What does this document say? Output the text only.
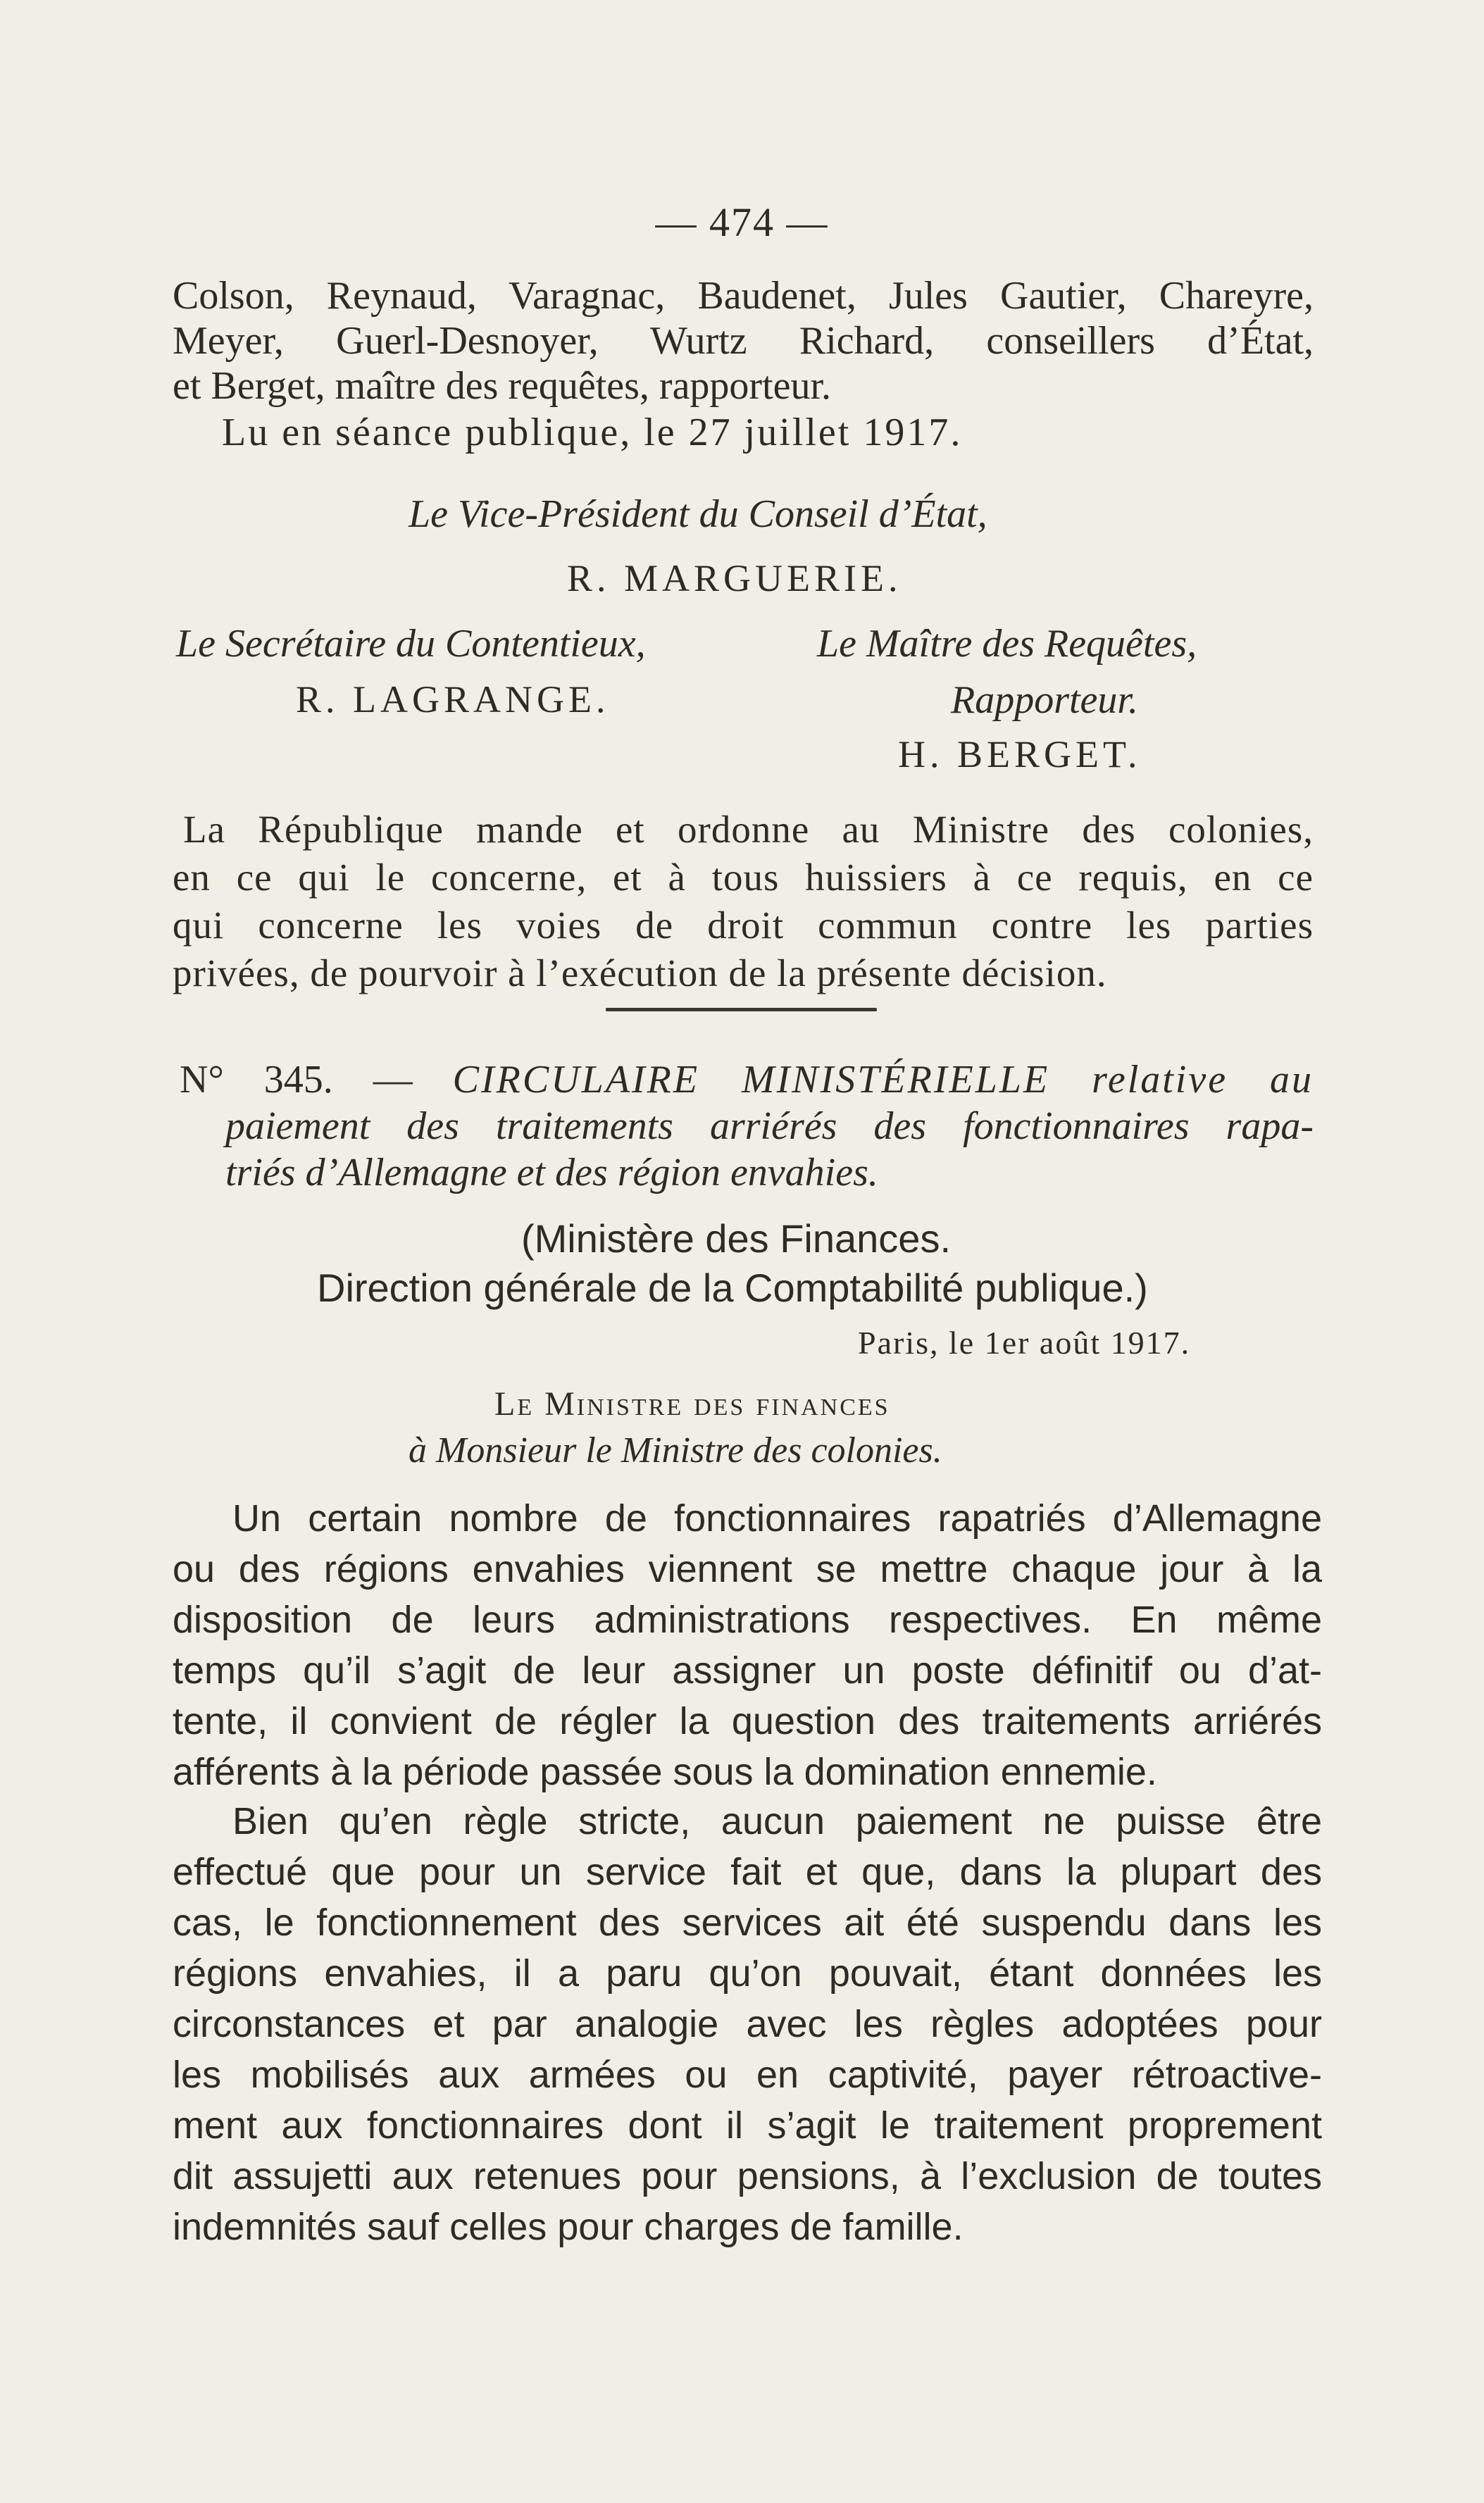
— 474 —
Colson, Reynaud, Varagnac, Baudenet, Jules Gautier, Chareyre,
Meyer, Guerl-Desnoyer, Wurtz Richard, conseillers d’État,
et Berget, maître des requêtes, rapporteur.
Lu en séance publique, le 27 juillet 1917.
Le Vice-Président du Conseil d’État,
R. MARGUERIE.
Le Secrétaire du Contentieux,
R. LAGRANGE.
Le Maître des Requêtes,
Rapporteur.
H. BERGET.
La République mande et ordonne au Ministre des colonies,
en ce qui le concerne, et à tous huissiers à ce requis, en ce
qui concerne les voies de droit commun contre les parties
privées, de pourvoir à l’exécution de la présente décision.
N° 345. — CIRCULAIRE MINISTÉRIELLE relative au
paiement des traitements arriérés des fonctionnaires rapa-
triés d’Allemagne et des région envahies.
(Ministère des Finances.
Direction générale de la Comptabilité publique.)
Paris, le 1er août 1917.
Le Ministre des finances
à Monsieur le Ministre des colonies.
Un certain nombre de fonctionnaires rapatriés d’Allemagne
ou des régions envahies viennent se mettre chaque jour à la
disposition de leurs administrations respectives. En même
temps qu’il s’agit de leur assigner un poste définitif ou d’at-
tente, il convient de régler la question des traitements arriérés
afférents à la période passée sous la domination ennemie.
Bien qu’en règle stricte, aucun paiement ne puisse être
effectué que pour un service fait et que, dans la plupart des
cas, le fonctionnement des services ait été suspendu dans les
régions envahies, il a paru qu’on pouvait, étant données les
circonstances et par analogie avec les règles adoptées pour
les mobilisés aux armées ou en captivité, payer rétroactive-
ment aux fonctionnaires dont il s’agit le traitement proprement
dit assujetti aux retenues pour pensions, à l’exclusion de toutes
indemnités sauf celles pour charges de famille.
